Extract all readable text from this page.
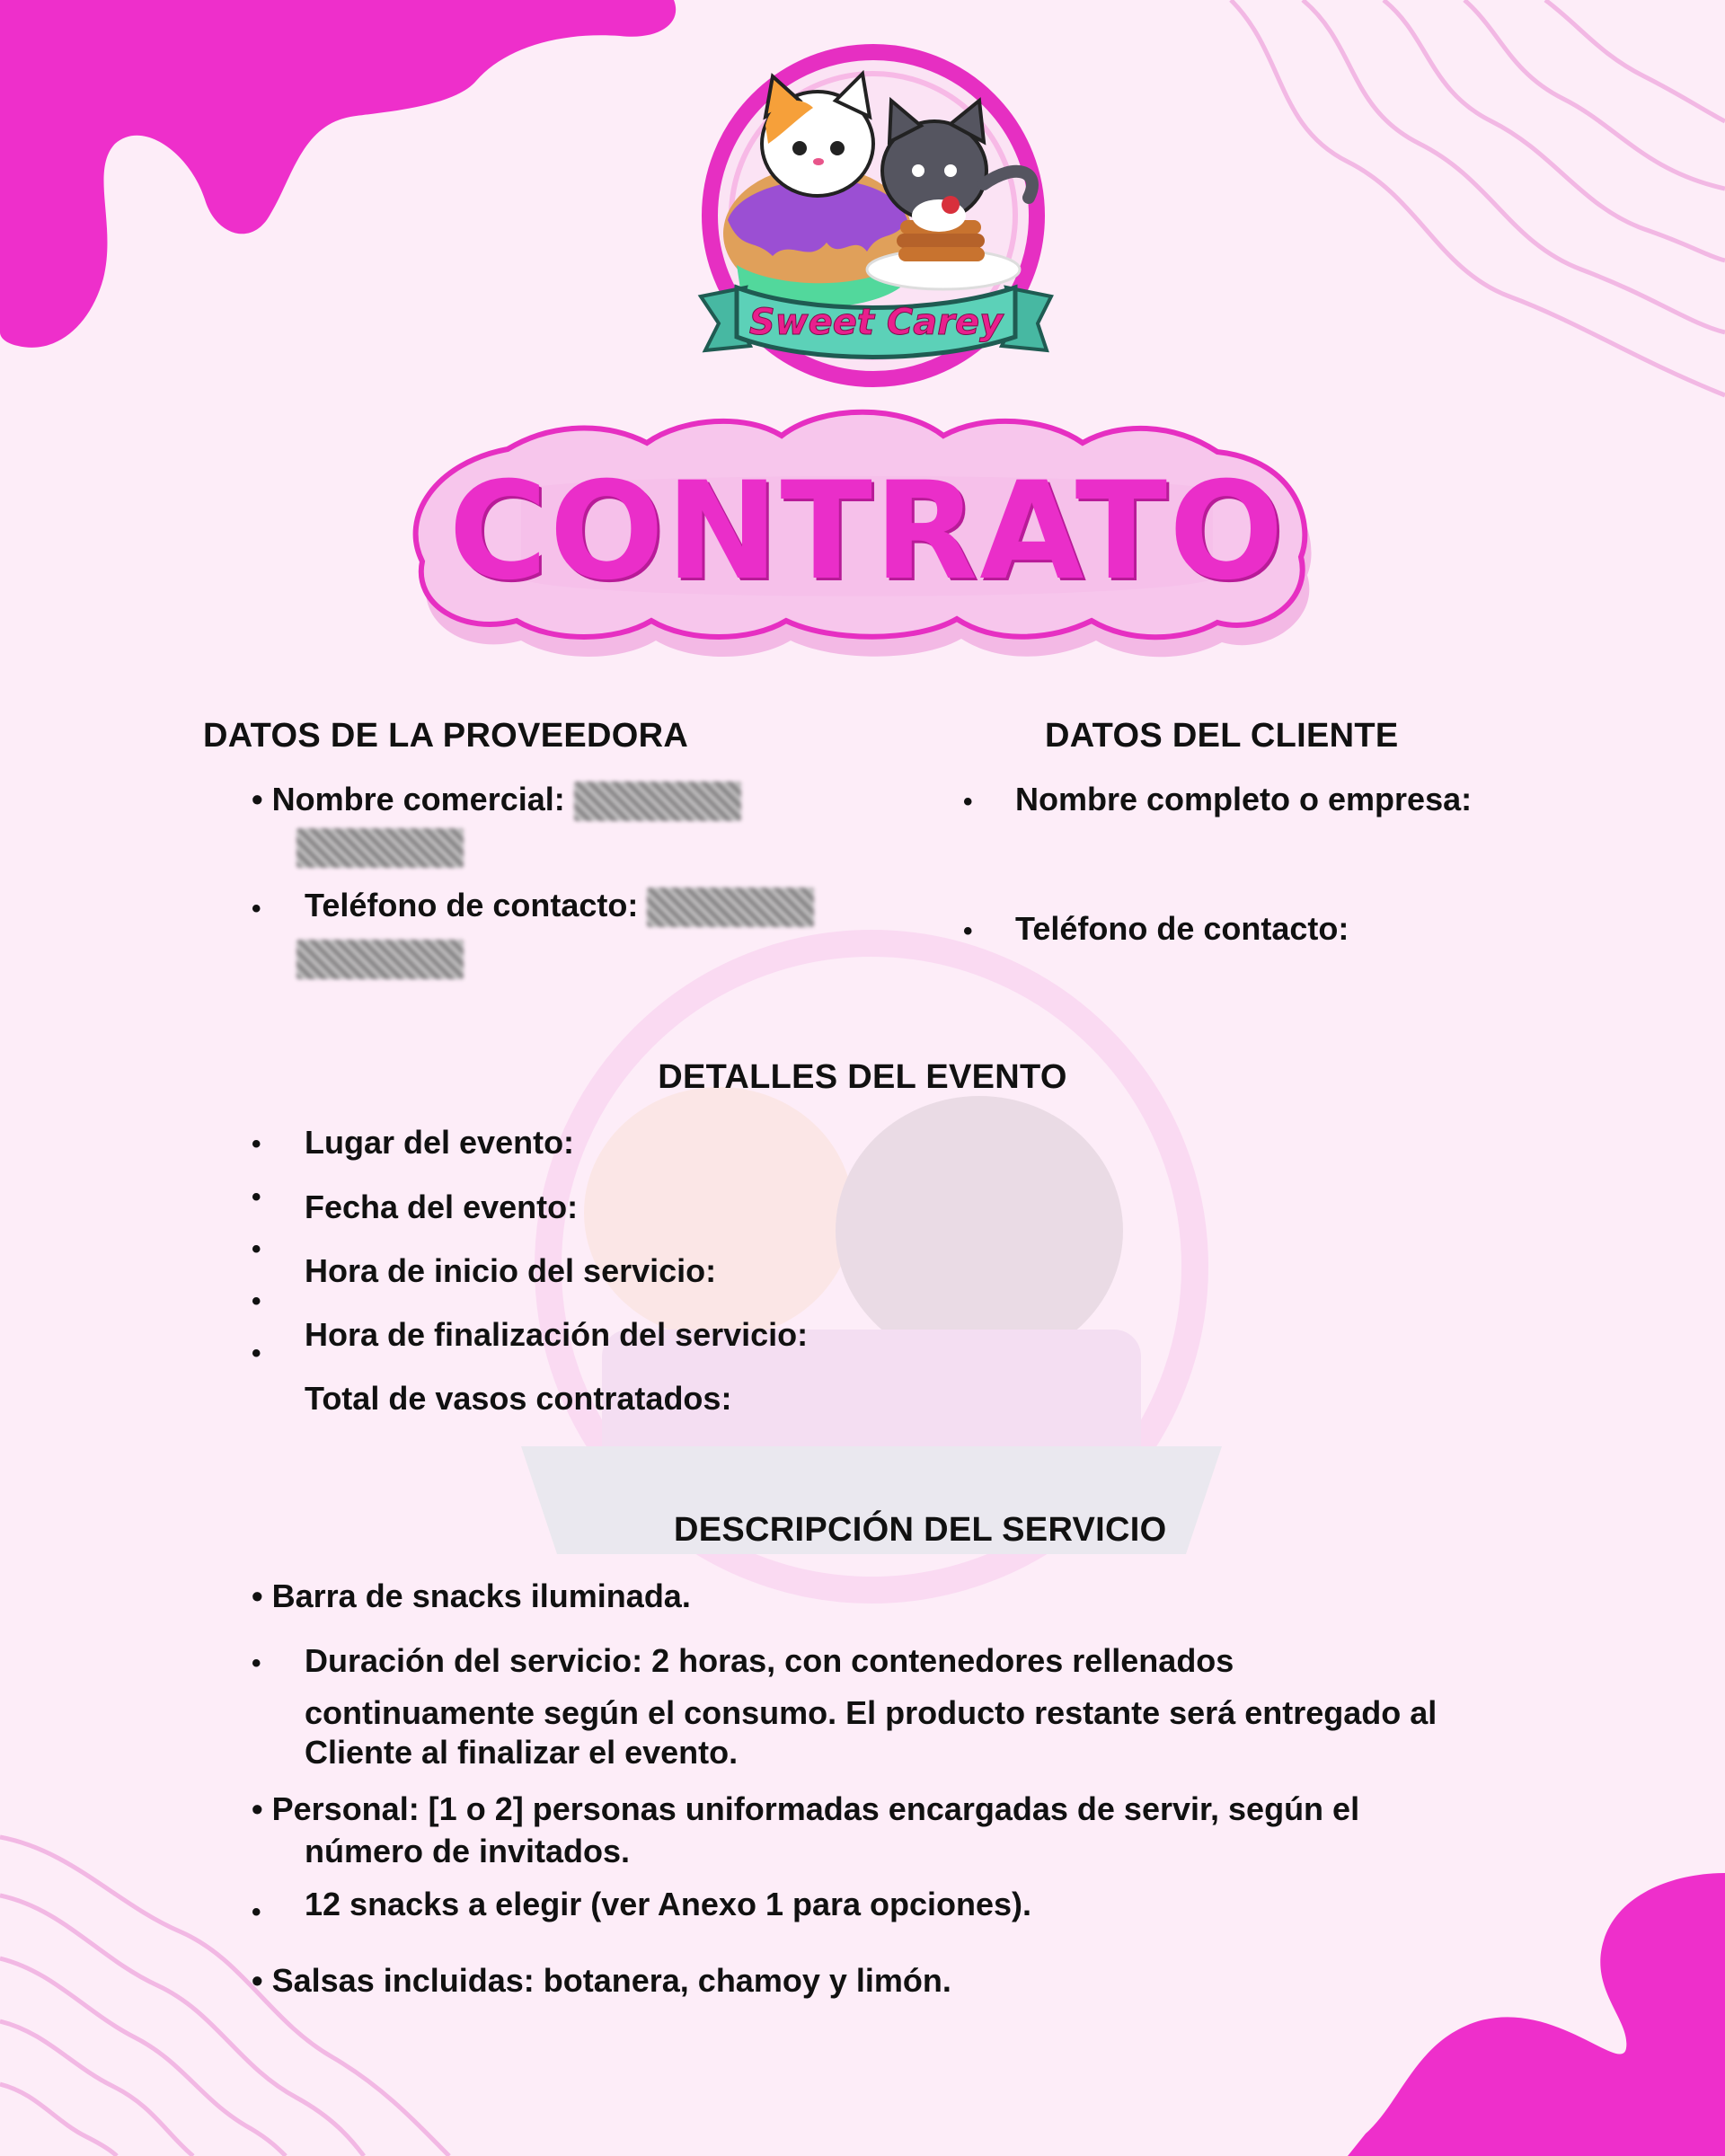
Sweet Carey
CONTRATO
DATOS DE LA PROVEEDORA
• Nombre comercial:
• Teléfono de contacto:
DATOS DEL CLIENTE
• Nombre completo o empresa:
• Teléfono de contacto:
DETALLES DEL EVENTO
•
•
•
•
•
Lugar del evento:
Fecha del evento:
Hora de inicio del servicio:
Hora de finalización del servicio:
Total de vasos contratados:
DESCRIPCIÓN DEL SERVICIO
• Barra de snacks iluminada.
• Duración del servicio: 2 horas, con contenedores rellenados
continuamente según el consumo. El producto restante será entregado al
Cliente al finalizar el evento.
• Personal: [1 o 2] personas uniformadas encargadas de servir, según el
número de invitados.
• 12 snacks a elegir (ver Anexo 1 para opciones).
• Salsas incluidas: botanera, chamoy y limón.
